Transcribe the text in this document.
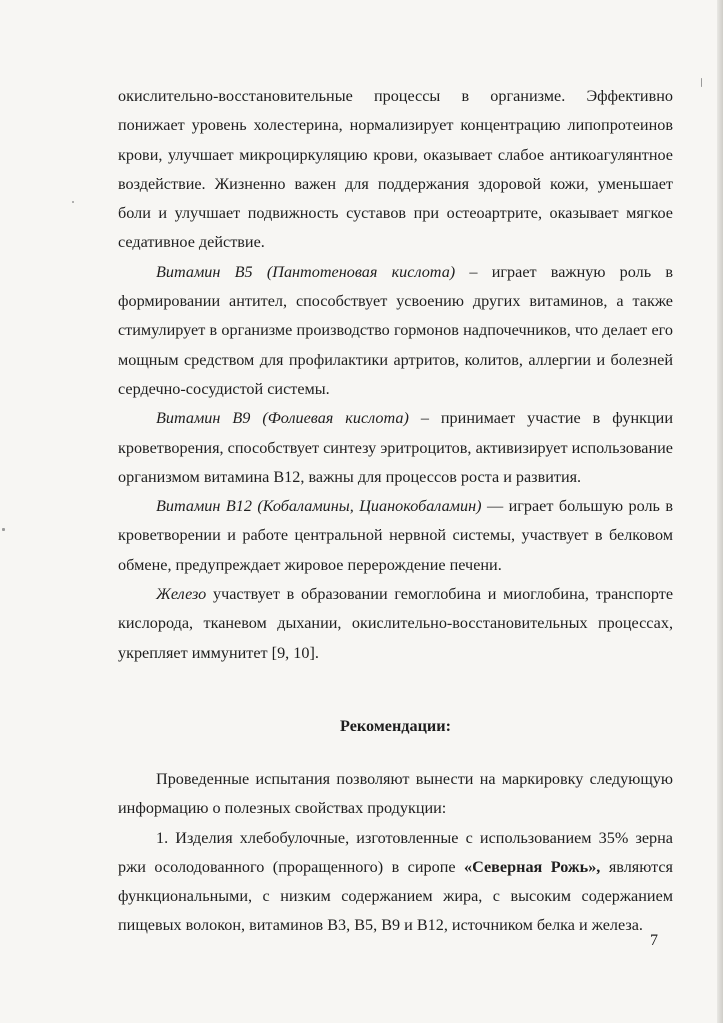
окислительно-восстановительные процессы в организме. Эффективно понижает уровень холестерина, нормализирует концентрацию липопротеинов крови, улучшает микроциркуляцию крови, оказывает слабое антикоагулянтное воздействие. Жизненно важен для поддержания здоровой кожи, уменьшает боли и улучшает подвижность суставов при остеоартрите, оказывает мягкое седативное действие.

Витамин В5 (Пантотеновая кислота) – играет важную роль в формировании антител, способствует усвоению других витаминов, а также стимулирует в организме производство гормонов надпочечников, что делает его мощным средством для профилактики артритов, колитов, аллергии и болезней сердечно-сосудистой системы.

Витамин В9 (Фолиевая кислота) – принимает участие в функции кроветворения, способствует синтезу эритроцитов, активизирует использование организмом витамина В12, важны для процессов роста и развития.

Витамин В12 (Кобаламины, Цианокобаламин) — играет большую роль в кроветворении и работе центральной нервной системы, участвует в белковом обмене, предупреждает жировое перерождение печени.

Железо участвует в образовании гемоглобина и миоглобина, транспорте кислорода, тканевом дыхании, окислительно-восстановительных процессах, укрепляет иммунитет [9, 10].

Рекомендации:

Проведенные испытания позволяют вынести на маркировку следующую информацию о полезных свойствах продукции:

1. Изделия хлебобулочные, изготовленные с использованием 35% зерна ржи осолодованного (проращенного) в сиропе «Северная Рожь», являются функциональными, с низким содержанием жира, с высоким содержанием пищевых волокон, витаминов В3, В5, В9 и В12, источником белка и железа.

7
